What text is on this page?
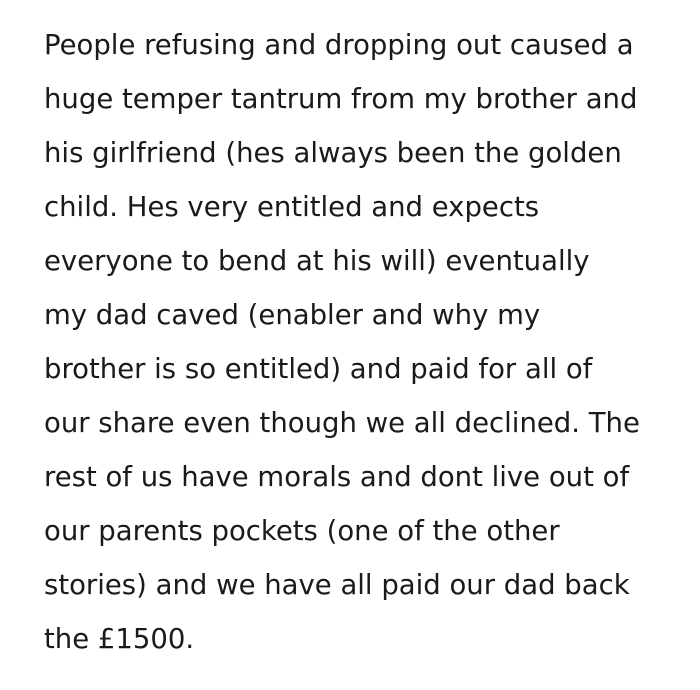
People refusing and dropping out caused a
huge temper tantrum from my brother and
his girlfriend (hes always been the golden
child. Hes very entitled and expects
everyone to bend at his will) eventually
my dad caved (enabler and why my
brother is so entitled) and paid for all of
our share even though we all declined. The
rest of us have morals and dont live out of
our parents pockets (one of the other
stories) and we have all paid our dad back
the £1500.
